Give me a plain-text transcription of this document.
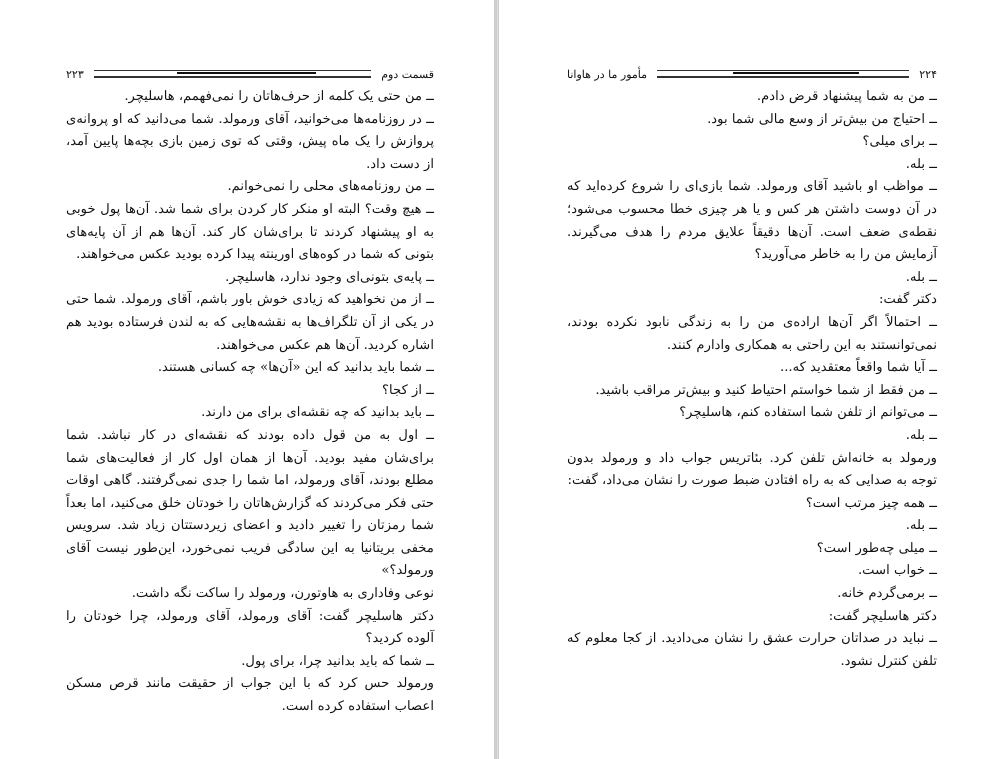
قسمت دوم
۲۲۳

ــ من حتی یک کلمه از حرف‌هاتان را نمی‌فهمم، هاسلیچر.

ــ در روزنامه‌ها می‌خوانید، آقای ورمولد. شما می‌دانید که او پروانه‌ی پروازش را یک ماه پیش، وقتی که توی زمین بازی بچه‌ها پایین آمد، از دست داد.

ــ من روزنامه‌های محلی را نمی‌خوانم.

ــ هیچ وقت؟ البته او منکر کار کردن برای شما شد. آن‌ها پول خوبی به او پیشنهاد کردند تا برای‌شان کار کند. آن‌ها هم از آن پایه‌های بتونی که شما در کوه‌های اورینته پیدا کرده بودید عکس می‌خواهند.

ــ پایه‌ی بتونی‌ای وجود ندارد، هاسلیچر.

ــ از من نخواهید که زیادی خوش باور باشم، آقای ورمولد. شما حتی در یکی از آن تلگراف‌ها به نقشه‌هایی که به لندن فرستاده بودید هم اشاره کردید. آن‌ها هم عکس می‌خواهند.

ــ شما باید بدانید که این «آن‌ها» چه کسانی هستند.

ــ از کجا؟

ــ باید بدانید که چه نقشه‌ای برای من دارند.

ــ اول به من قول داده بودند که نقشه‌ای در کار نباشد. شما برای‌شان مفید بودید. آن‌ها از همان اول کار از فعالیت‌های شما مطلع بودند، آقای ورمولد، اما شما را جدی نمی‌گرفتند. گاهی اوقات حتی فکر می‌کردند که گزارش‌هاتان را خودتان خلق می‌کنید، اما بعداً شما رمزتان را تغییر دادید و اعضای زیردستتان زیاد شد. سرویس مخفی بریتانیا به این سادگی فریب نمی‌خورد، این‌طور نیست آقای ورمولد؟»

نوعی وفاداری به هاوتورن، ورمولد را ساکت نگه داشت.

دکتر هاسلیچر گفت: آقای ورمولد، آقای ورمولد، چرا خودتان را آلوده کردید؟

ــ شما که باید بدانید چرا، برای پول.

ورمولد حس کرد که با این جواب از حقیقت مانند قرص مسکن اعصاب استفاده کرده است.

۲۲۴
مأمور ما در هاوانا

ــ من به شما پیشنهاد قرض دادم.

ــ احتیاج من بیش‌تر از وسع مالی شما بود.

ــ برای میلی؟

ــ بله.

ــ مواظب او باشید آقای ورمولد. شما بازی‌ای را شروع کرده‌اید که در آن دوست داشتن هر کس و یا هر چیزی خطا محسوب می‌شود؛ نقطه‌ی ضعف است. آن‌ها دقیقاً علایق مردم را هدف می‌گیرند. آزمایش من را به خاطر می‌آورید؟

ــ بله.

دکتر گفت:

ــ احتمالاً اگر آن‌ها اراده‌ی من را به زندگی نابود نکرده بودند، نمی‌توانستند به این راحتی به همکاری وادارم کنند.

ــ آیا شما واقعاً معتقدید که...

ــ من فقط از شما خواستم احتیاط کنید و بیش‌تر مراقب باشید.

ــ می‌توانم از تلفن شما استفاده کنم، هاسلیچر؟

ــ بله.

ورمولد به خانه‌اش تلفن کرد. بئاتریس جواب داد و ورمولد بدون توجه به صدایی که به راه افتادن ضبط صورت را نشان می‌داد، گفت:

ــ همه چیز مرتب است؟

ــ بله.

ــ میلی چه‌طور است؟

ــ خواب است.

ــ برمی‌گردم خانه.

دکتر هاسلیچر گفت:

ــ نباید در صداتان حرارت عشق را نشان می‌دادید. از کجا معلوم که تلفن کنترل نشود.
